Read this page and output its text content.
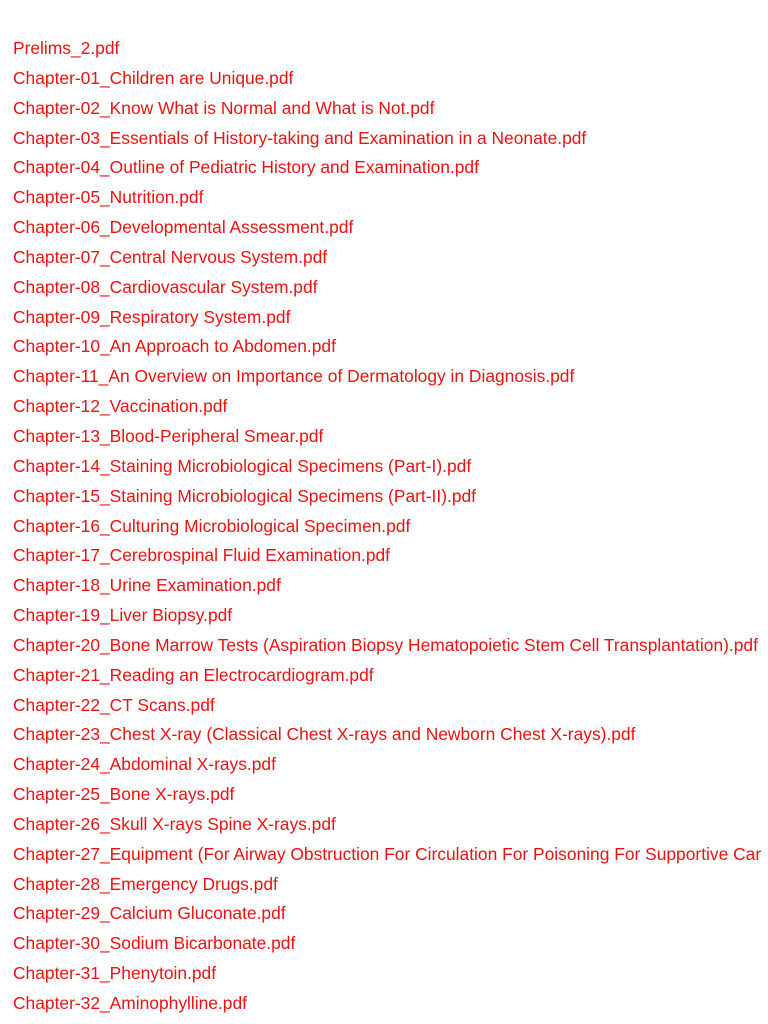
Prelims_2.pdf
Chapter-01_Children are Unique.pdf
Chapter-02_Know What is Normal and What is Not.pdf
Chapter-03_Essentials of History-taking and Examination in a Neonate.pdf
Chapter-04_Outline of Pediatric History and Examination.pdf
Chapter-05_Nutrition.pdf
Chapter-06_Developmental Assessment.pdf
Chapter-07_Central Nervous System.pdf
Chapter-08_Cardiovascular System.pdf
Chapter-09_Respiratory System.pdf
Chapter-10_An Approach to Abdomen.pdf
Chapter-11_An Overview on Importance of Dermatology in Diagnosis.pdf
Chapter-12_Vaccination.pdf
Chapter-13_Blood-Peripheral Smear.pdf
Chapter-14_Staining Microbiological Specimens (Part-I).pdf
Chapter-15_Staining Microbiological Specimens (Part-II).pdf
Chapter-16_Culturing Microbiological Specimen.pdf
Chapter-17_Cerebrospinal Fluid Examination.pdf
Chapter-18_Urine Examination.pdf
Chapter-19_Liver Biopsy.pdf
Chapter-20_Bone Marrow Tests (Aspiration Biopsy Hematopoietic Stem Cell Transplantation).pdf
Chapter-21_Reading an Electrocardiogram.pdf
Chapter-22_CT Scans.pdf
Chapter-23_Chest X-ray (Classical Chest X-rays and Newborn Chest X-rays).pdf
Chapter-24_Abdominal X-rays.pdf
Chapter-25_Bone X-rays.pdf
Chapter-26_Skull X-rays Spine X-rays.pdf
Chapter-27_Equipment (For Airway Obstruction For Circulation For Poisoning For Supportive Car
Chapter-28_Emergency Drugs.pdf
Chapter-29_Calcium Gluconate.pdf
Chapter-30_Sodium Bicarbonate.pdf
Chapter-31_Phenytoin.pdf
Chapter-32_Aminophylline.pdf
